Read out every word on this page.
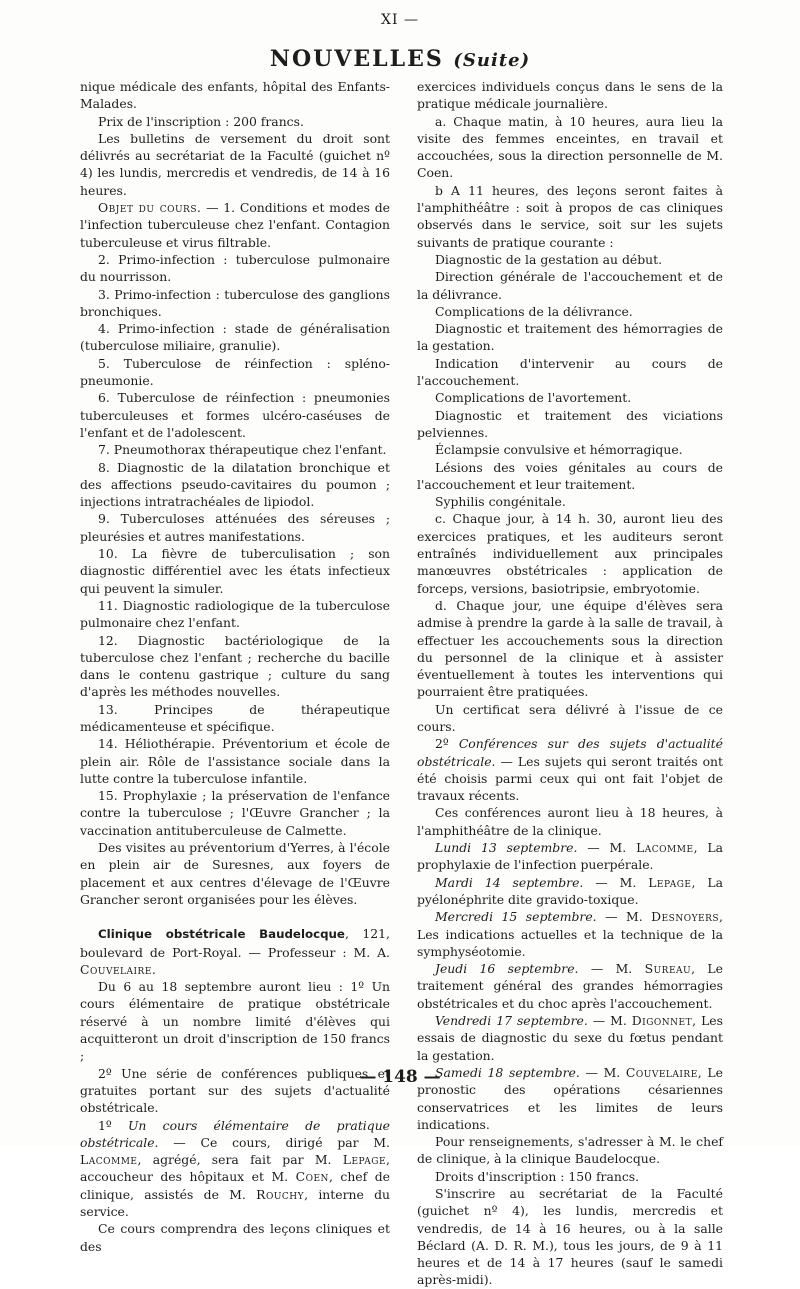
XI —
NOUVELLES (Suite)

nique médicale des enfants, hôpital des Enfants-Malades.

Prix de l'inscription : 200 francs.

Les bulletins de versement du droit sont délivrés au secrétariat de la Faculté (guichet nº 4) les lundis, mercredis et vendredis, de 14 à 16 heures.

Objet du cours. — 1. Conditions et modes de l'infection tuberculeuse chez l'enfant. Contagion tuberculeuse et virus filtrable.

2. Primo-infection : tuberculose pulmonaire du nourrisson.

3. Primo-infection : tuberculose des ganglions bronchiques.

4. Primo-infection : stade de généralisation (tuberculose miliaire, granulie).

5. Tuberculose de réinfection : spléno-pneumonie.

6. Tuberculose de réinfection : pneumonies tuberculeuses et formes ulcéro-caséuses de l'enfant et de l'adolescent.

7. Pneumothorax thérapeutique chez l'enfant.

8. Diagnostic de la dilatation bronchique et des affections pseudo-cavitaires du poumon ; injections intratrachéales de lipiodol.

9. Tuberculoses atténuées des séreuses ; pleurésies et autres manifestations.

10. La fièvre de tuberculisation ; son diagnostic différentiel avec les états infectieux qui peuvent la simuler.

11. Diagnostic radiologique de la tuberculose pulmonaire chez l'enfant.

12. Diagnostic bactériologique de la tuberculose chez l'enfant ; recherche du bacille dans le contenu gastrique ; culture du sang d'après les méthodes nouvelles.

13. Principes de thérapeutique médicamenteuse et spécifique.

14. Héliothérapie. Préventorium et école de plein air. Rôle de l'assistance sociale dans la lutte contre la tuberculose infantile.

15. Prophylaxie ; la préservation de l'enfance contre la tuberculose ; l'Œuvre Grancher ; la vaccination antituberculeuse de Calmette.

Des visites au préventorium d'Yerres, à l'école en plein air de Suresnes, aux foyers de placement et aux centres d'élevage de l'Œuvre Grancher seront organisées pour les élèves.

Clinique obstétricale Baudelocque, 121, boulevard de Port-Royal. — Professeur : M. A. Couvelaire.

Du 6 au 18 septembre auront lieu : 1º Un cours élémentaire de pratique obstétricale réservé à un nombre limité d'élèves qui acquitteront un droit d'inscription de 150 francs ;

2º Une série de conférences publiques et gratuites portant sur des sujets d'actualité obstétricale.

1º Un cours élémentaire de pratique obstétricale. — Ce cours, dirigé par M. Lacomme, agrégé, sera fait par M. Lepage, accoucheur des hôpitaux et M. Coen, chef de clinique, assistés de M. Rouchy, interne du service.

Ce cours comprendra des leçons cliniques et des

exercices individuels conçus dans le sens de la pratique médicale journalière.

a. Chaque matin, à 10 heures, aura lieu la visite des femmes enceintes, en travail et accouchées, sous la direction personnelle de M. Coen.

b A 11 heures, des leçons seront faites à l'amphithéâtre : soit à propos de cas cliniques observés dans le service, soit sur les sujets suivants de pratique courante :

Diagnostic de la gestation au début.

Direction générale de l'accouchement et de la délivrance.

Complications de la délivrance.

Diagnostic et traitement des hémorragies de la gestation.

Indication d'intervenir au cours de l'accouchement.

Complications de l'avortement.

Diagnostic et traitement des viciations pelviennes.

Éclampsie convulsive et hémorragique.

Lésions des voies génitales au cours de l'accouchement et leur traitement.

Syphilis congénitale.

c. Chaque jour, à 14 h. 30, auront lieu des exercices pratiques, et les auditeurs seront entraînés individuellement aux principales manœuvres obstétricales : application de forceps, versions, basiotripsie, embryotomie.

d. Chaque jour, une équipe d'élèves sera admise à prendre la garde à la salle de travail, à effectuer les accouchements sous la direction du personnel de la clinique et à assister éventuellement à toutes les interventions qui pourraient être pratiquées.

Un certificat sera délivré à l'issue de ce cours.

2º Conférences sur des sujets d'actualité obstétricale. — Les sujets qui seront traités ont été choisis parmi ceux qui ont fait l'objet de travaux récents.

Ces conférences auront lieu à 18 heures, à l'amphithéâtre de la clinique.

Lundi 13 septembre. — M. Lacomme, La prophylaxie de l'infection puerpérale.

Mardi 14 septembre. — M. Lepage, La pyélonéphrite dite gravido-toxique.

Mercredi 15 septembre. — M. Desnoyers, Les indications actuelles et la technique de la symphyséotomie.

Jeudi 16 septembre. — M. Sureau, Le traitement général des grandes hémorragies obstétricales et du choc après l'accouchement.

Vendredi 17 septembre. — M. Digonnet, Les essais de diagnostic du sexe du fœtus pendant la gestation.

Samedi 18 septembre. — M. Couvelaire, Le pronostic des opérations césariennes conservatrices et les limites de leurs indications.

Pour renseignements, s'adresser à M. le chef de clinique, à la clinique Baudelocque.

Droits d'inscription : 150 francs.

S'inscrire au secrétariat de la Faculté (guichet nº 4), les lundis, mercredis et vendredis, de 14 à 16 heures, ou à la salle Béclard (A. D. R. M.), tous les jours, de 9 à 11 heures et de 14 à 17 heures (sauf le samedi après-midi).

— 148 —
